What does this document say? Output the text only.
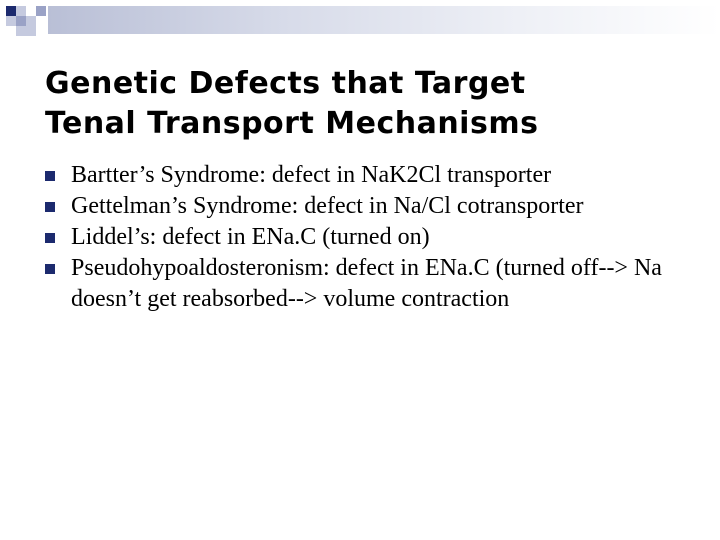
Genetic Defects that Target
Tenal Transport Mechanisms
Bartter’s Syndrome: defect in NaK2Cl transporter
Gettelman’s Syndrome: defect in Na/Cl cotransporter
Liddel’s: defect in ENa.C (turned on)
Pseudohypoaldosteronism: defect in ENa.C (turned off--> Na doesn’t get reabsorbed--> volume contraction
